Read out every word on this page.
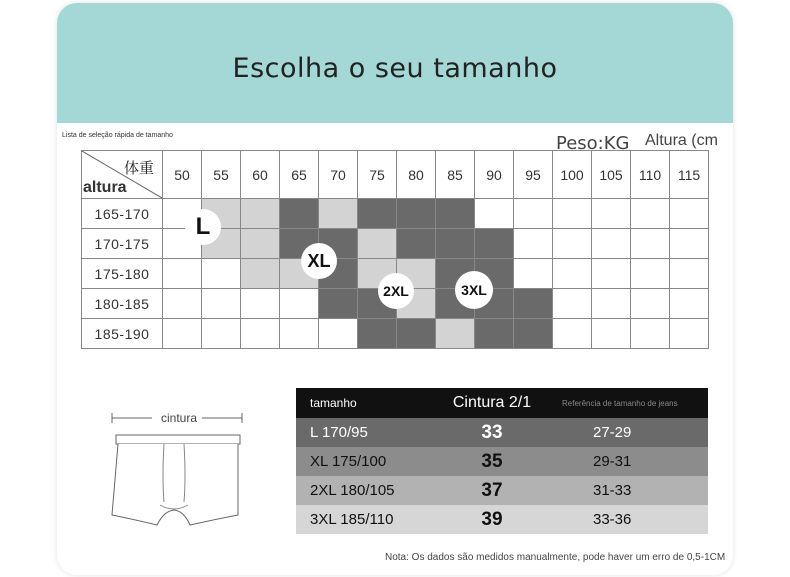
Escolha o seu tamanho
Lista de seleção rápida de tamanho	Peso:KG Altura (cm
体重
altura	50	55	60	65	70	75	80	85	90	95	100	105	110	115
165-170														
170-175														
175-180														
180-185														
185-190														
L
XL
2XL	3XL
cintura
tamanho	Cintura 2/1	Referência de tamanho de jeans
L 170/95	33	27-29
XL 175/100	35	29-31
2XL 180/105	37	31-33
3XL 185/110	39	33-36
Nota: Os dados são medidos manualmente, pode haver um erro de 0,5-1CM
